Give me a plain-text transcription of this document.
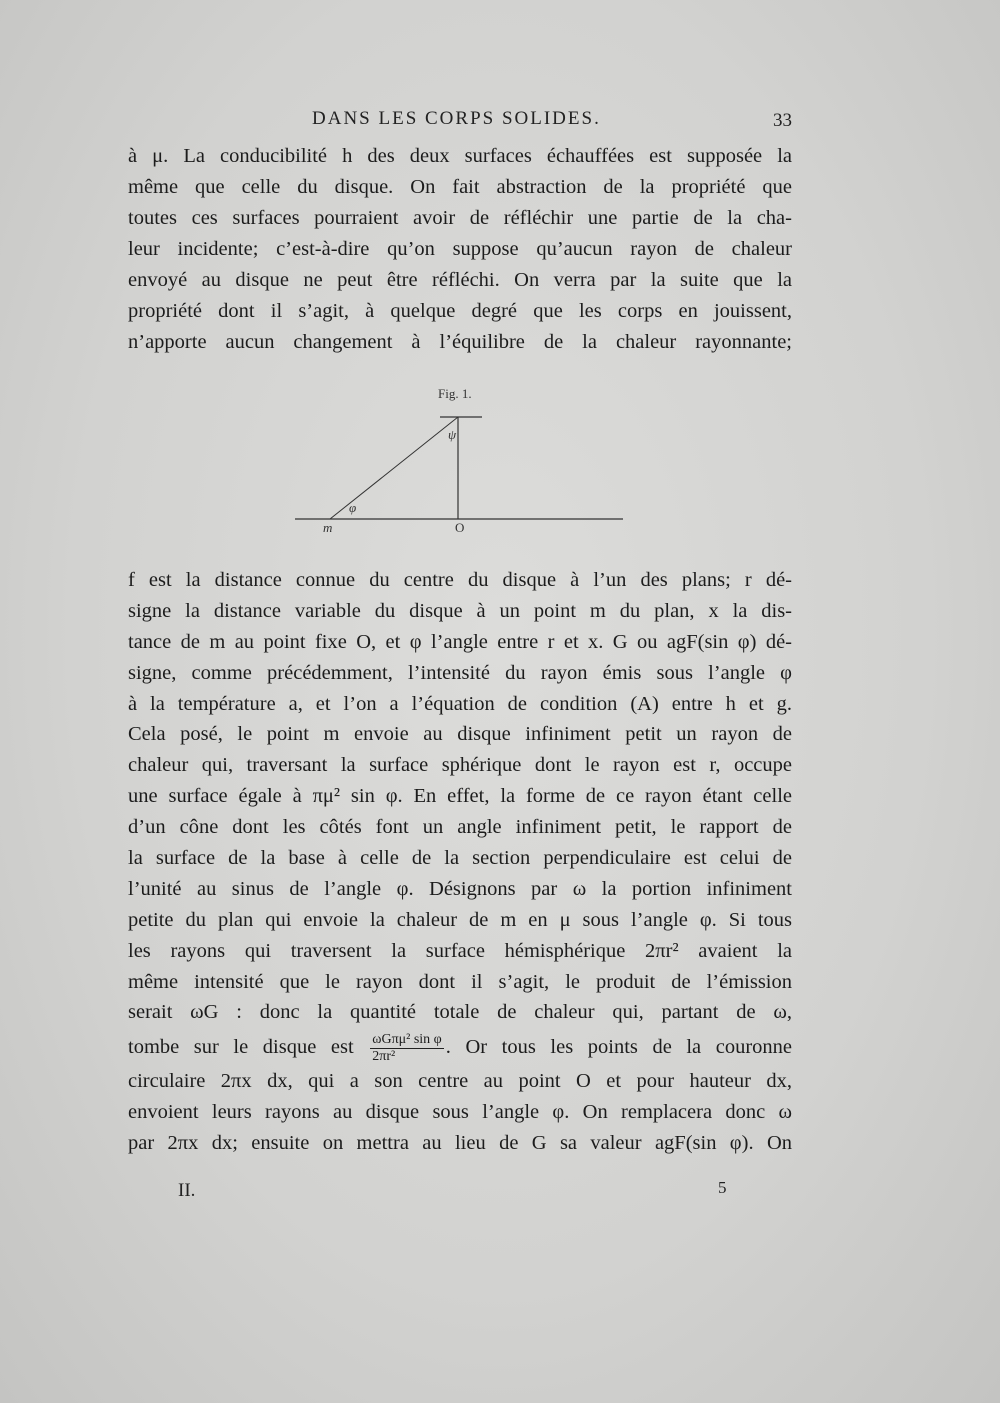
DANS LES CORPS SOLIDES.	33
à μ. La conducibilité h des deux surfaces échauffées est supposée la
même que celle du disque. On fait abstraction de la propriété que
toutes ces surfaces pourraient avoir de réfléchir une partie de la cha-
leur incidente; c’est-à-dire qu’on suppose qu’aucun rayon de chaleur
envoyé au disque ne peut être réfléchi. On verra par la suite que la
propriété dont il s’agit, à quelque degré que les corps en jouissent,
n’apporte aucun changement à l’équilibre de la chaleur rayonnante;
Fig. 1.
ψ
φ
m	O
f est la distance connue du centre du disque à l’un des plans; r dé-
signe la distance variable du disque à un point m du plan, x la dis-
tance de m au point fixe O, et φ l’angle entre r et x. G ou agF(sin φ) dé-
signe, comme précédemment, l’intensité du rayon émis sous l’angle φ
à la température a, et l’on a l’équation de condition (A) entre h et g.
Cela posé, le point m envoie au disque infiniment petit un rayon de
chaleur qui, traversant la surface sphérique dont le rayon est r, occupe
une surface égale à πμ² sin φ. En effet, la forme de ce rayon étant celle
d’un cône dont les côtés font un angle infiniment petit, le rapport de
la surface de la base à celle de la section perpendiculaire est celui de
l’unité au sinus de l’angle φ. Désignons par ω la portion infiniment
petite du plan qui envoie la chaleur de m en μ sous l’angle φ. Si tous
les rayons qui traversent la surface hémisphérique 2πr² avaient la
même intensité que le rayon dont il s’agit, le produit de l’émission
serait ωG : donc la quantité totale de chaleur qui, partant de ω,
tombe sur le disque est $\frac{\text{ωGπμ² sin φ}}{\text{2πr²}}$ . Or tous les points de la couronne
circulaire 2πx dx, qui a son centre au point O et pour hauteur dx,
envoient leurs rayons au disque sous l’angle φ. On remplacera donc ω
par 2πx dx; ensuite on mettra au lieu de G sa valeur agF(sin φ). On
II.	5
